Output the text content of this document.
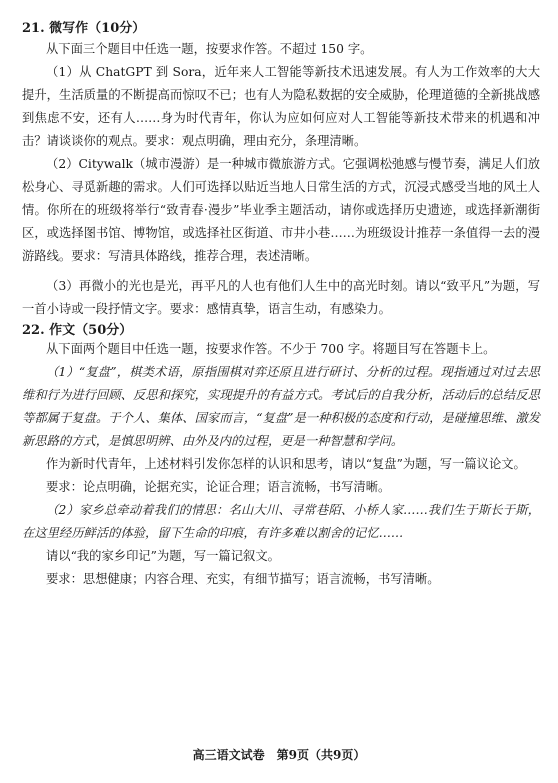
21. 微写作（10分）
从下面三个题目中任选一题，按要求作答。不超过 150 字。
（1）从 ChatGPT 到 Sora，近年来人工智能等新技术迅速发展。有人为工作效率的大大提升，生活质量的不断提高而惊叹不已；也有人为隐私数据的安全威胁，伦理道德的全新挑战感到焦虑不安，还有人……身为时代青年，你认为应如何应对人工智能等新技术带来的机遇和冲击？请谈谈你的观点。要求：观点明确，理由充分，条理清晰。
（2）Citywalk（城市漫游）是一种城市微旅游方式。它强调松弛感与慢节奏，满足人们放松身心、寻觅新趣的需求。人们可选择以贴近当地人日常生活的方式，沉浸式感受当地的风土人情。你所在的班级将举行“致青春·漫步”毕业季主题活动，请你或选择历史遗迹，或选择新潮街区，或选择图书馆、博物馆，或选择社区街道、市井小巷……为班级设计推荐一条值得一去的漫游路线。要求：写清具体路线，推荐合理，表述清晰。
（3）再微小的光也是光，再平凡的人也有他们人生中的高光时刻。请以“致平凡”为题，写一首小诗或一段抒情文字。要求：感情真挚，语言生动，有感染力。
22. 作文（50分）
从下面两个题目中任选一题，按要求作答。不少于 700 字。将题目写在答题卡上。
（1）“复盘”，棋类术语，原指围棋对弈还原且进行研讨、分析的过程。现指通过对过去思维和行为进行回顾、反思和探究，实现提升的有益方式。考试后的自我分析，活动后的总结反思等都属于复盘。于个人、集体、国家而言，“复盘”是一种积极的态度和行动，是碰撞思维、激发新思路的方式，是慎思明辨、由外及内的过程，更是一种智慧和学问。
作为新时代青年，上述材料引发你怎样的认识和思考，请以“复盘”为题，写一篇议论文。
要求：论点明确，论据充实，论证合理；语言流畅，书写清晰。
（2）家乡总牵动着我们的情思：名山大川、寻常巷陌、小桥人家……我们生于斯长于斯，在这里经历鲜活的体验，留下生命的印痕，有许多难以割舍的记忆……
请以“我的家乡印记”为题，写一篇记叙文。
要求：思想健康；内容合理、充实，有细节描写；语言流畅，书写清晰。
高三语文试卷　第9页（共9页）
